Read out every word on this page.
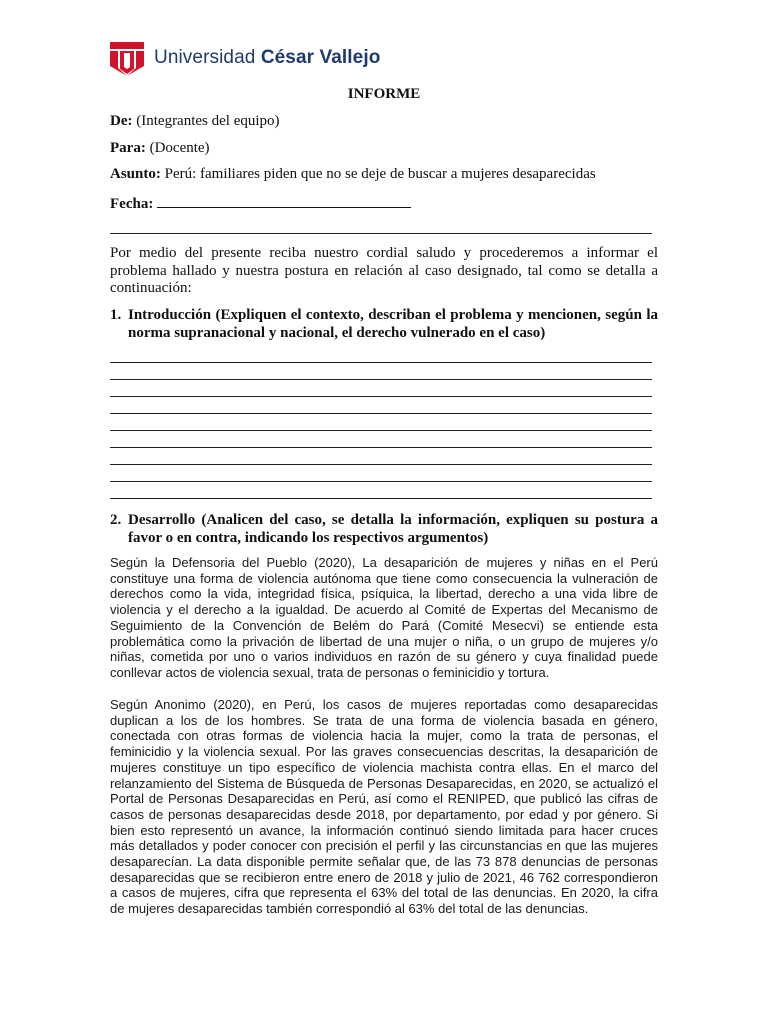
Universidad César Vallejo
INFORME
De: (Integrantes del equipo)
Para: (Docente)
Asunto: Perú: familiares piden que no se deje de buscar a mujeres desaparecidas
Fecha:

Por medio del presente reciba nuestro cordial saludo y procederemos a informar el problema hallado y nuestra postura en relación al caso designado, tal como se detalla a continuación:

1. Introducción (Expliquen el contexto, describan el problema y mencionen, según la norma supranacional y nacional, el derecho vulnerado en el caso)
2. Desarrollo (Analicen del caso, se detalla la información, expliquen su postura a favor o en contra, indicando los respectivos argumentos)

Según la Defensoria del Pueblo (2020), La desaparición de mujeres y niñas en el Perú constituye una forma de violencia autónoma que tiene como consecuencia la vulneración de derechos como la vida, integridad física, psíquica, la libertad, derecho a una vida libre de violencia y el derecho a la igualdad. De acuerdo al Comité de Expertas del Mecanismo de Seguimiento de la Convención de Belém do Pará (Comité Mesecvi) se entiende esta problemática como la privación de libertad de una mujer o niña, o un grupo de mujeres y/o niñas, cometida por uno o varios individuos en razón de su género y cuya finalidad puede conllevar actos de violencia sexual, trata de personas o feminicidio y tortura.

Según Anonimo (2020), en Perú, los casos de mujeres reportadas como desaparecidas duplican a los de los hombres. Se trata de una forma de violencia basada en género, conectada con otras formas de violencia hacia la mujer, como la trata de personas, el feminicidio y la violencia sexual. Por las graves consecuencias descritas, la desaparición de mujeres constituye un tipo específico de violencia machista contra ellas. En el marco del relanzamiento del Sistema de Búsqueda de Personas Desaparecidas, en 2020, se actualizó el Portal de Personas Desaparecidas en Perú, así como el RENIPED, que publicó las cifras de casos de personas desaparecidas desde 2018, por departamento, por edad y por género. Si bien esto representó un avance, la información continuó siendo limitada para hacer cruces más detallados y poder conocer con precisión el perfil y las circunstancias en que las mujeres desaparecían. La data disponible permite señalar que, de las 73 878 denuncias de personas desaparecidas que se recibieron entre enero de 2018 y julio de 2021, 46 762 correspondieron a casos de mujeres, cifra que representa el 63% del total de las denuncias. En 2020, la cifra de mujeres desaparecidas también correspondió al 63% del total de las denuncias.
